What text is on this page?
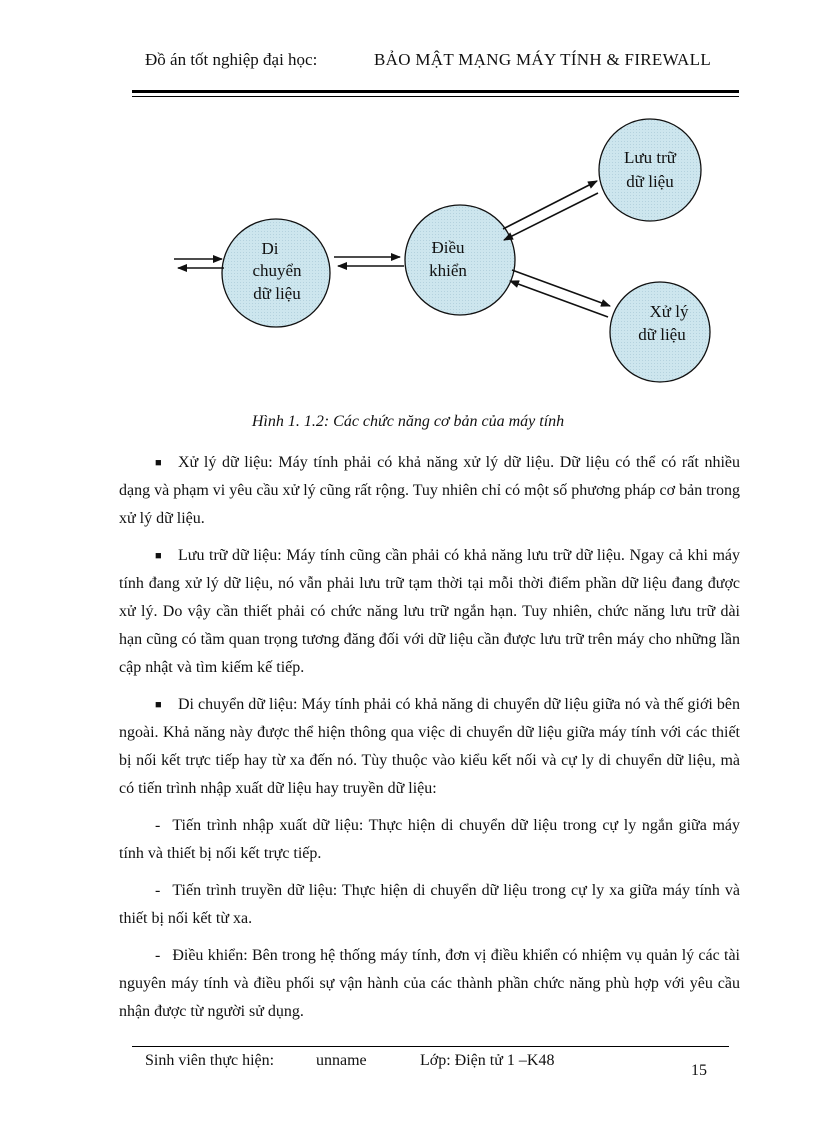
Đồ án tốt nghiệp đại học:	BẢO MẬT MẠNG MÁY TÍNH & FIREWALL
Di
chuyển
dữ liệu
Điều
khiển
Lưu trữ
dữ liệu
Xử lý
dữ liệu
Hình 1. 1.2: Các chức năng cơ bản của máy tính

■ Xử lý dữ liệu: Máy tính phải có khả năng xử lý dữ liệu. Dữ liệu có thể có rất nhiều dạng và phạm vi yêu cầu xử lý cũng rất rộng. Tuy nhiên chỉ có một số phương pháp cơ bản trong xử lý dữ liệu.

■ Lưu trữ dữ liệu: Máy tính cũng cần phải có khả năng lưu trữ dữ liệu. Ngay cả khi máy tính đang xử lý dữ liệu, nó vẫn phải lưu trữ tạm thời tại mỗi thời điểm phần dữ liệu đang được xử lý. Do vậy cần thiết phải có chức năng lưu trữ ngắn hạn. Tuy nhiên, chức năng lưu trữ dài hạn cũng có tầm quan trọng tương đăng đối với dữ liệu cần được lưu trữ trên máy cho những lần cập nhật và tìm kiếm kế tiếp.

■ Di chuyển dữ liệu: Máy tính phải có khả năng di chuyển dữ liệu giữa nó và thế giới bên ngoài. Khả năng này được thể hiện thông qua việc di chuyển dữ liệu giữa máy tính với các thiết bị nối kết trực tiếp hay từ xa đến nó. Tùy thuộc vào kiểu kết nối và cự ly di chuyển dữ liệu, mà có tiến trình nhập xuất dữ liệu hay truyền dữ liệu:

- Tiến trình nhập xuất dữ liệu: Thực hiện di chuyển dữ liệu trong cự ly ngắn giữa máy tính và thiết bị nối kết trực tiếp.

- Tiến trình truyền dữ liệu: Thực hiện di chuyển dữ liệu trong cự ly xa giữa máy tính và thiết bị nối kết từ xa.

- Điều khiển: Bên trong hệ thống máy tính, đơn vị điều khiển có nhiệm vụ quản lý các tài nguyên máy tính và điều phối sự vận hành của các thành phần chức năng phù hợp với yêu cầu nhận được từ người sử dụng.

Sinh viên thực hiện:	unname	Lớp: Điện tử 1 –K48
15
